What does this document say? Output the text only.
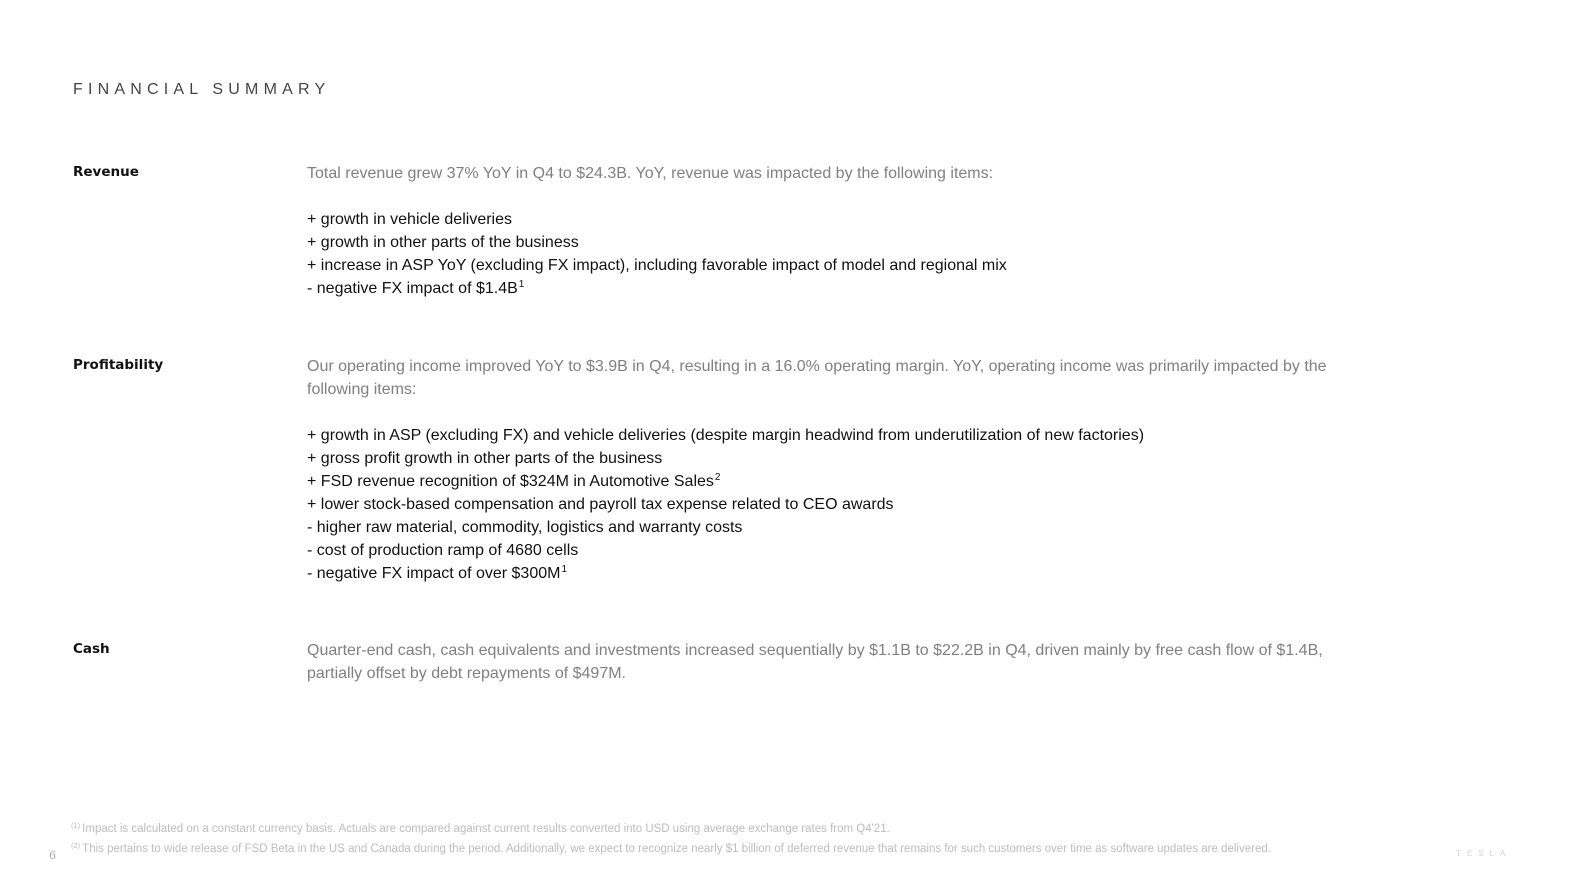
FINANCIAL SUMMARY
Revenue	Total revenue grew 37% YoY in Q4 to $24.3B. YoY, revenue was impacted by the following items:

+ growth in vehicle deliveries
+ growth in other parts of the business
+ increase in ASP YoY (excluding FX impact), including favorable impact of model and regional mix
- negative FX impact of $\$1.4B^1$
Profitability	Our operating income improved YoY to $3.9B in Q4, resulting in a 16.0% operating margin. YoY, operating income was primarily impacted by the following items:

+ growth in ASP (excluding FX) and vehicle deliveries (despite margin headwind from underutilization of new factories)
+ gross profit growth in other parts of the business
+ FSD revenue recognition of $324M in Automotive Sales$^2$
+ lower stock-based compensation and payroll tax expense related to CEO awards
- higher raw material, commodity, logistics and warranty costs
- cost of production ramp of 4680 cells
- negative FX impact of over $\$300M^1$
Cash	Quarter-end cash, cash equivalents and investments increased sequentially by $1.1B to $22.2B in Q4, driven mainly by free cash flow of $1.4B, partially offset by debt repayments of $497M.

$^{(1)}$ Impact is calculated on a constant currency basis. Actuals are compared against current results converted into USD using average exchange rates from Q4'21.
$^{(2)}$ This pertains to wide release of FSD Beta in the US and Canada during the period. Additionally, we expect to recognize nearly $1 billion of deferred revenue that remains for such customers over time as software updates are delivered.
6	T E S L A
